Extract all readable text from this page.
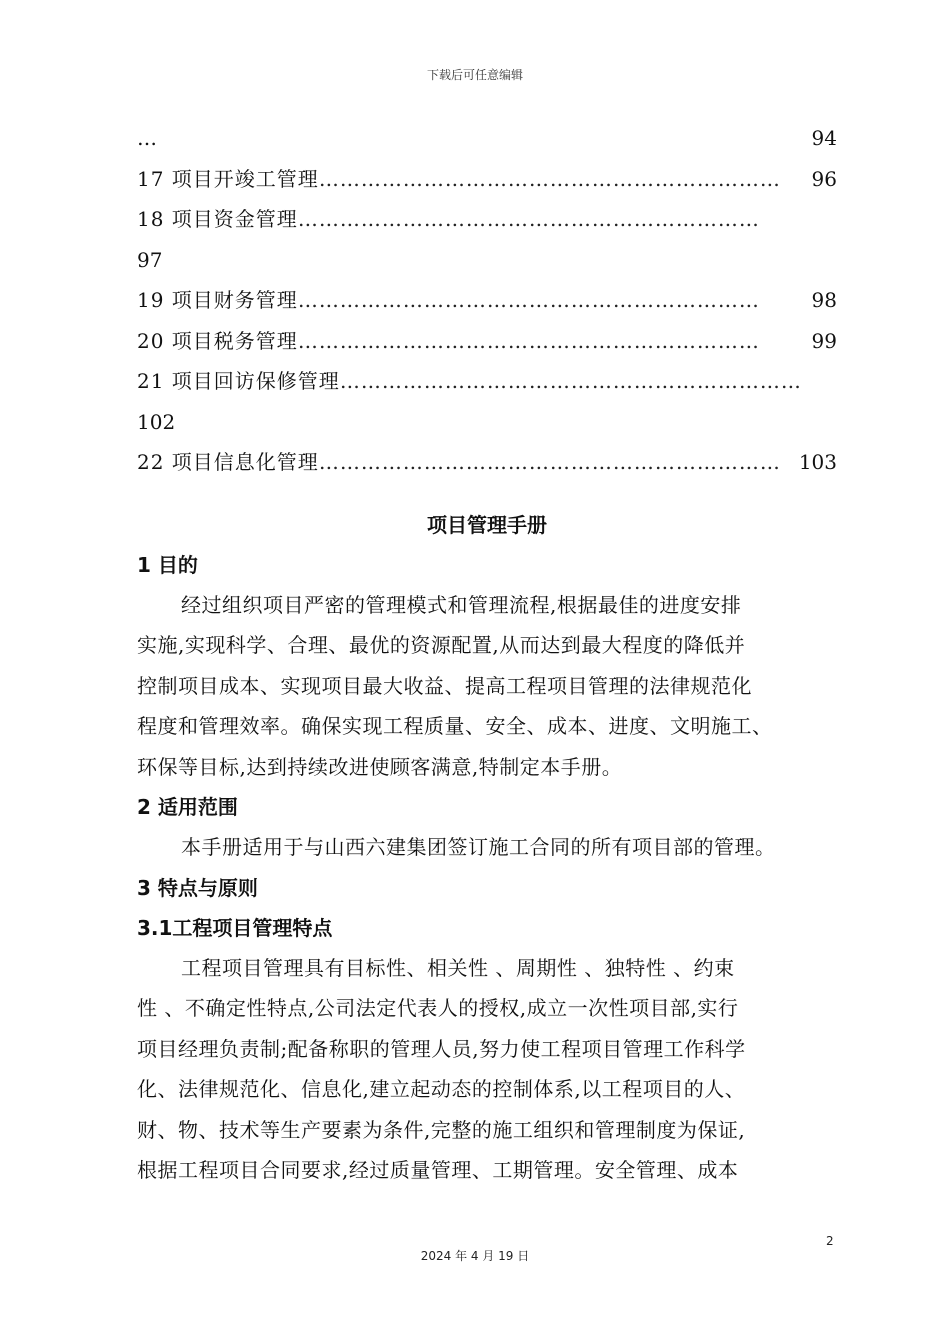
下载后可任意编辑
…	94
17 项目开竣工管理 …………………………………………………………	96
18 项目资金管理 …………………………………………………………
97
19 项目财务管理 …………………………………………………………	98
20 项目税务管理 …………………………………………………………	99
21 项目回访保修管理 …………………………………………………………
102
22 项目信息化管理 ………………………………………………………… 103
项目管理手册
1 目的

经过组织项目严密的管理模式和管理流程,根据最佳的进度安排
实施,实现科学、合理、最优的资源配置,从而达到最大程度的降低并
控制项目成本、实现项目最大收益、提高工程项目管理的法律规范化
程度和管理效率。确保实现工程质量、安全、成本、进度、文明施工、
环保等目标,达到持续改进使顾客满意,特制定本手册。

2 适用范围

本手册适用于与山西六建集团签订施工合同的所有项目部的管理。

3 特点与原则
3.1工程项目管理特点

工程项目管理具有目标性、相关性 、周期性 、独特性 、约束
性 、不确定性特点,公司法定代表人的授权,成立一次性项目部,实行
项目经理负责制;配备称职的管理人员,努力使工程项目管理工作科学
化、法律规范化、信息化,建立起动态的控制体系,以工程项目的人、
财、物、技术等生产要素为条件,完整的施工组织和管理制度为保证,
根据工程项目合同要求,经过质量管理、工期管理。安全管理、成本

2
2024 年 4 月 19 日
